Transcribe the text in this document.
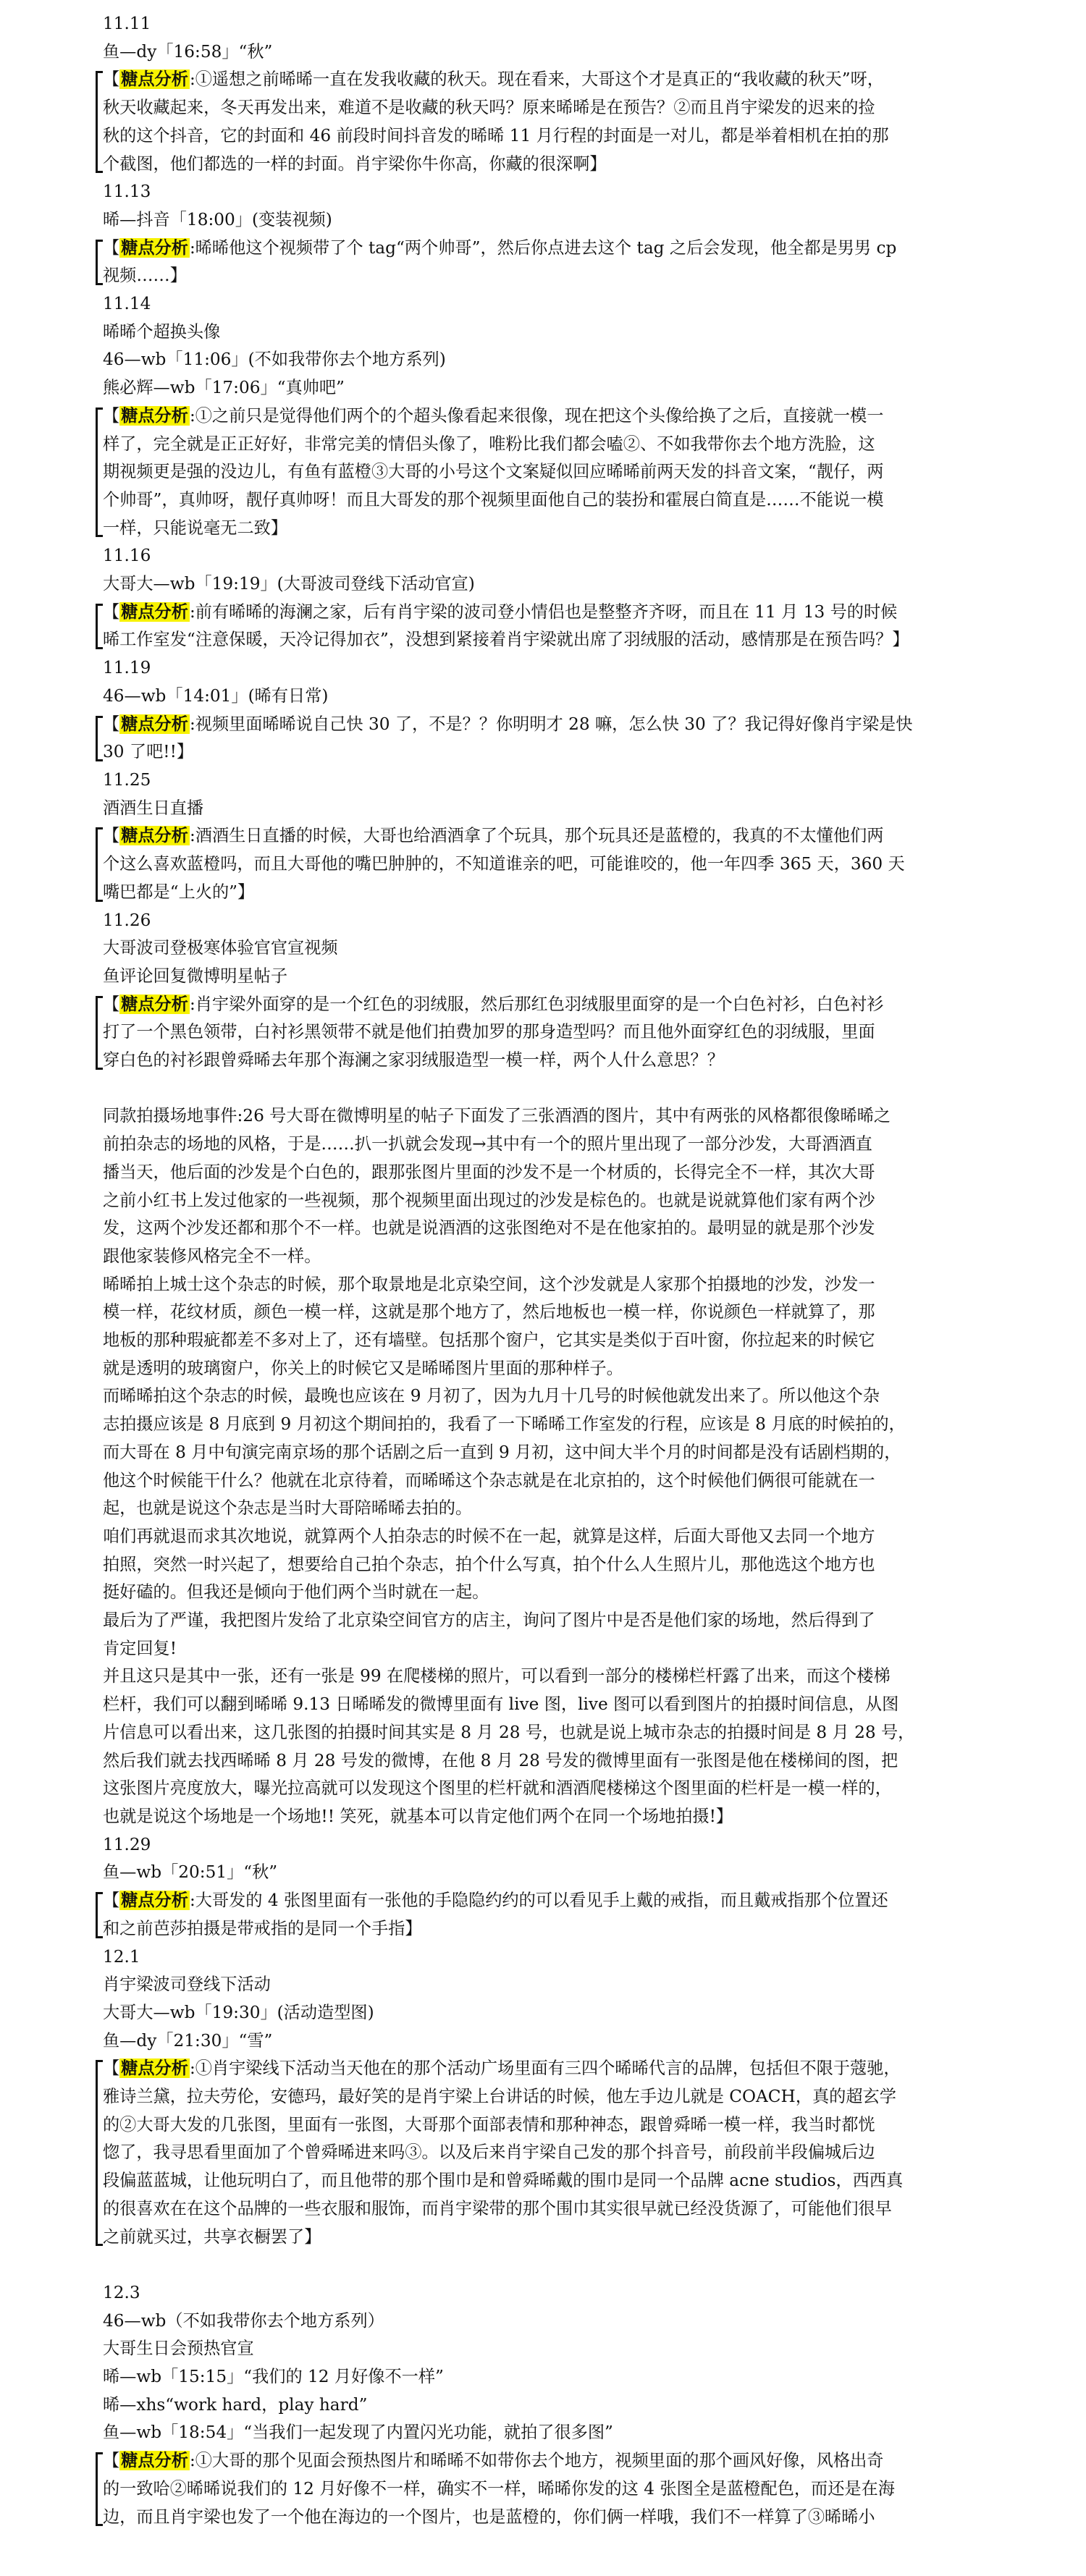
11.11
鱼—dy「16:58」“秋”
【糖点分析:①遥想之前晞晞一直在发我收藏的秋天。现在看来，大哥这个才是真正的“我收藏的秋天”呀，
秋天收藏起来，冬天再发出来，难道不是收藏的秋天吗？原来晞晞是在预告？②而且肖宇梁发的迟来的捡
秋的这个抖音，它的封面和 46 前段时间抖音发的晞晞 11 月行程的封面是一对儿，都是举着相机在拍的那
个截图，他们都选的一样的封面。肖宇梁你牛你高，你藏的很深啊】
11.13
晞—抖音「18:00」(变装视频)
【糖点分析:晞晞他这个视频带了个 tag“两个帅哥”，然后你点进去这个 tag 之后会发现，他全都是男男 cp
视频……】
11.14
晞晞个超换头像
46—wb「11:06」(不如我带你去个地方系列)
熊必辉—wb「17:06」“真帅吧”
【糖点分析:①之前只是觉得他们两个的个超头像看起来很像，现在把这个头像给换了之后，直接就一模一
样了，完全就是正正好好，非常完美的情侣头像了，唯粉比我们都会嗑②、不如我带你去个地方洗脸，这
期视频更是强的没边儿，有鱼有蓝橙③大哥的小号这个文案疑似回应晞晞前两天发的抖音文案，“靓仔，两
个帅哥”，真帅呀，靓仔真帅呀！而且大哥发的那个视频里面他自己的装扮和霍展白简直是……不能说一模
一样，只能说毫无二致】
11.16
大哥大—wb「19:19」(大哥波司登线下活动官宣)
【糖点分析:前有晞晞的海澜之家，后有肖宇梁的波司登小情侣也是整整齐齐呀，而且在 11 月 13 号的时候
晞工作室发“注意保暖，天冷记得加衣”，没想到紧接着肖宇梁就出席了羽绒服的活动，感情那是在预告吗？】
11.19
46—wb「14:01」(晞有日常)
【糖点分析:视频里面晞晞说自己快 30 了，不是？？你明明才 28 嘛，怎么快 30 了？我记得好像肖宇梁是快
30 了吧!!】
11.25
酒酒生日直播
【糖点分析:酒酒生日直播的时候，大哥也给酒酒拿了个玩具，那个玩具还是蓝橙的，我真的不太懂他们两
个这么喜欢蓝橙吗，而且大哥他的嘴巴肿肿的，不知道谁亲的吧，可能谁咬的，他一年四季 365 天，360 天
嘴巴都是“上火的”】
11.26
大哥波司登极寒体验官官宣视频
鱼评论回复微博明星帖子
【糖点分析:肖宇梁外面穿的是一个红色的羽绒服，然后那红色羽绒服里面穿的是一个白色衬衫，白色衬衫
打了一个黑色领带，白衬衫黑领带不就是他们拍费加罗的那身造型吗？而且他外面穿红色的羽绒服，里面
穿白色的衬衫跟曾舜晞去年那个海澜之家羽绒服造型一模一样，两个人什么意思？？
同款拍摄场地事件:26 号大哥在微博明星的帖子下面发了三张酒酒的图片，其中有两张的风格都很像晞晞之
前拍杂志的场地的风格，于是……扒一扒就会发现→其中有一个的照片里出现了一部分沙发，大哥酒酒直
播当天，他后面的沙发是个白色的，跟那张图片里面的沙发不是一个材质的，长得完全不一样，其次大哥
之前小红书上发过他家的一些视频，那个视频里面出现过的沙发是棕色的。也就是说就算他们家有两个沙
发，这两个沙发还都和那个不一样。也就是说酒酒的这张图绝对不是在他家拍的。最明显的就是那个沙发
跟他家装修风格完全不一样。
晞晞拍上城士这个杂志的时候，那个取景地是北京染空间，这个沙发就是人家那个拍摄地的沙发，沙发一
模一样，花纹材质，颜色一模一样，这就是那个地方了，然后地板也一模一样，你说颜色一样就算了，那
地板的那种瑕疵都差不多对上了，还有墙壁。包括那个窗户，它其实是类似于百叶窗，你拉起来的时候它
就是透明的玻璃窗户，你关上的时候它又是晞晞图片里面的那种样子。
而晞晞拍这个杂志的时候，最晚也应该在 9 月初了，因为九月十几号的时候他就发出来了。所以他这个杂
志拍摄应该是 8 月底到 9 月初这个期间拍的，我看了一下晞晞工作室发的行程，应该是 8 月底的时候拍的，
而大哥在 8 月中旬演完南京场的那个话剧之后一直到 9 月初，这中间大半个月的时间都是没有话剧档期的，
他这个时候能干什么？他就在北京待着，而晞晞这个杂志就是在北京拍的，这个时候他们俩很可能就在一
起，也就是说这个杂志是当时大哥陪晞晞去拍的。
咱们再就退而求其次地说，就算两个人拍杂志的时候不在一起，就算是这样，后面大哥他又去同一个地方
拍照，突然一时兴起了，想要给自己拍个杂志，拍个什么写真，拍个什么人生照片儿，那他选这个地方也
挺好磕的。但我还是倾向于他们两个当时就在一起。
最后为了严谨，我把图片发给了北京染空间官方的店主，询问了图片中是否是他们家的场地，然后得到了
肯定回复!
并且这只是其中一张，还有一张是 99 在爬楼梯的照片，可以看到一部分的楼梯栏杆露了出来，而这个楼梯
栏杆，我们可以翻到晞晞 9.13 日晞晞发的微博里面有 live 图，live 图可以看到图片的拍摄时间信息，从图
片信息可以看出来，这几张图的拍摄时间其实是 8 月 28 号，也就是说上城市杂志的拍摄时间是 8 月 28 号，
然后我们就去找西晞晞 8 月 28 号发的微博，在他 8 月 28 号发的微博里面有一张图是他在楼梯间的图，把
这张图片亮度放大，曝光拉高就可以发现这个图里的栏杆就和酒酒爬楼梯这个图里面的栏杆是一模一样的，
也就是说这个场地是一个场地!! 笑死，就基本可以肯定他们两个在同一个场地拍摄!】
11.29
鱼—wb「20:51」“秋”
【糖点分析:大哥发的 4 张图里面有一张他的手隐隐约约的可以看见手上戴的戒指，而且戴戒指那个位置还
和之前芭莎拍摄是带戒指的是同一个手指】
12.1
肖宇梁波司登线下活动
大哥大—wb「19:30」(活动造型图)
鱼—dy「21:30」“雪”
【糖点分析:①肖宇梁线下活动当天他在的那个活动广场里面有三四个晞晞代言的品牌，包括但不限于蔻驰，
雅诗兰黛，拉夫劳伦，安德玛，最好笑的是肖宇梁上台讲话的时候，他左手边儿就是 COACH，真的超玄学
的②大哥大发的几张图，里面有一张图，大哥那个面部表情和那种神态，跟曾舜晞一模一样，我当时都恍
惚了，我寻思看里面加了个曾舜晞进来吗③。以及后来肖宇梁自己发的那个抖音号，前段前半段偏城后边
段偏蓝蓝城，让他玩明白了，而且他带的那个围巾是和曾舜晞戴的围巾是同一个品牌 acne studios，西西真
的很喜欢在在这个品牌的一些衣服和服饰，而肖宇梁带的那个围巾其实很早就已经没货源了，可能他们很早
之前就买过，共享衣橱罢了】
12.3
46—wb（不如我带你去个地方系列）
大哥生日会预热官宣
晞—wb「15:15」“我们的 12 月好像不一样”
晞—xhs“work hard，play hard”
鱼—wb「18:54」“当我们一起发现了内置闪光功能，就拍了很多图”
【糖点分析:①大哥的那个见面会预热图片和晞晞不如带你去个地方，视频里面的那个画风好像，风格出奇
的一致哈②晞晞说我们的 12 月好像不一样，确实不一样，晞晞你发的这 4 张图全是蓝橙配色，而还是在海
边，而且肖宇梁也发了一个他在海边的一个图片，也是蓝橙的，你们俩一样哦，我们不一样算了③晞晞小
